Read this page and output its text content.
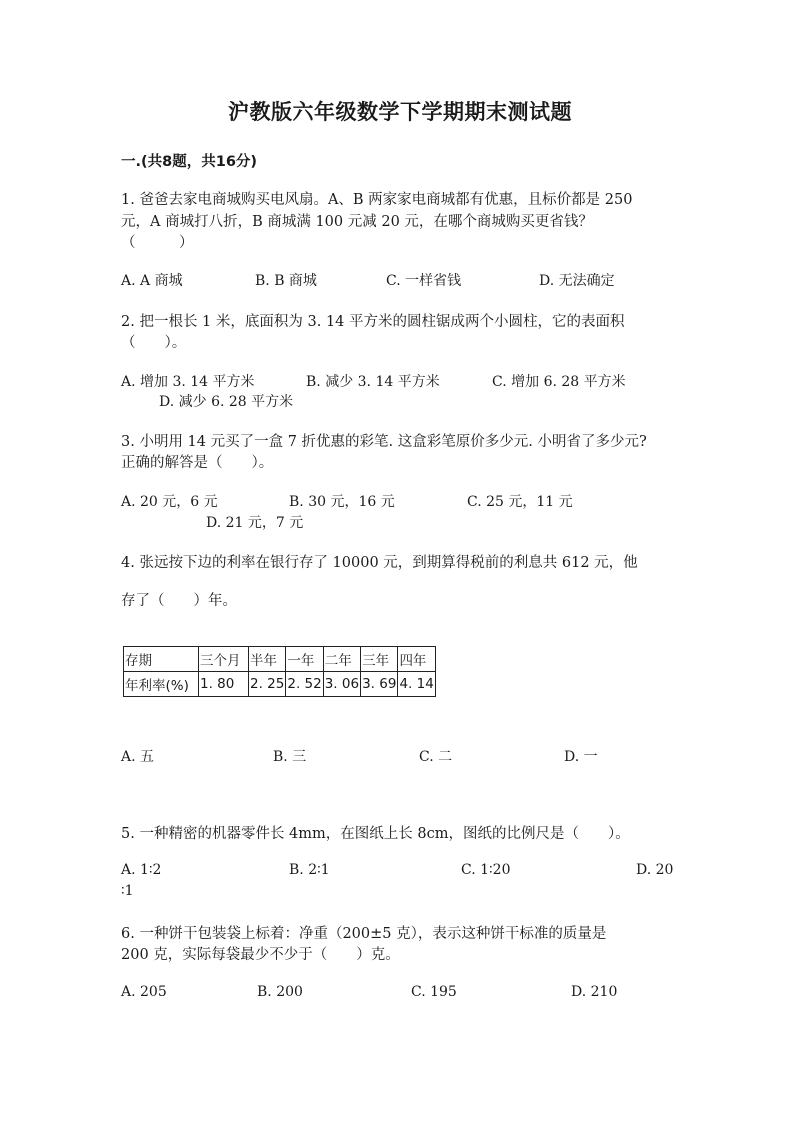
沪教版六年级数学下学期期末测试题
一.(共8题，共16分)
1. 爸爸去家电商城购买电风扇。A、B 两家家电商城都有优惠，且标价都是 250
元，A 商城打八折，B 商城满 100 元减 20 元，在哪个商城购买更省钱？
（　　　）
A. A 商城	B. B 商城	C. 一样省钱	D. 无法确定
2. 把一根长 1 米，底面积为 3. 14 平方米的圆柱锯成两个小圆柱，它的表面积
（　　）。
A. 增加 3. 14 平方米	B. 减少 3. 14 平方米	C. 增加 6. 28 平方米
D. 减少 6. 28 平方米
3. 小明用 14 元买了一盒 7 折优惠的彩笔. 这盒彩笔原价多少元. 小明省了多少元?
正确的解答是（　　）。
A. 20 元，6 元	B. 30 元，16 元	C. 25 元，11 元
D. 21 元，7 元
4. 张远按下边的利率在银行存了 10000 元，到期算得税前的利息共 612 元，他
存了（　　）年。
存期	三个月	半年	一年	二年	三年	四年
年利率(%)	1. 80	2. 25	2. 52	3. 06	3. 69	4. 14
A. 五	B. 三	C. 二	D. 一
5. 一种精密的机器零件长 4mm，在图纸上长 8cm，图纸的比例尺是（　　）。
A. 1∶2	B. 2∶1	C. 1∶20	D. 20
∶1
6. 一种饼干包装袋上标着：净重（200±5 克），表示这种饼干标准的质量是
200 克，实际每袋最少不少于（　　）克。
A. 205	B. 200	C. 195	D. 210
